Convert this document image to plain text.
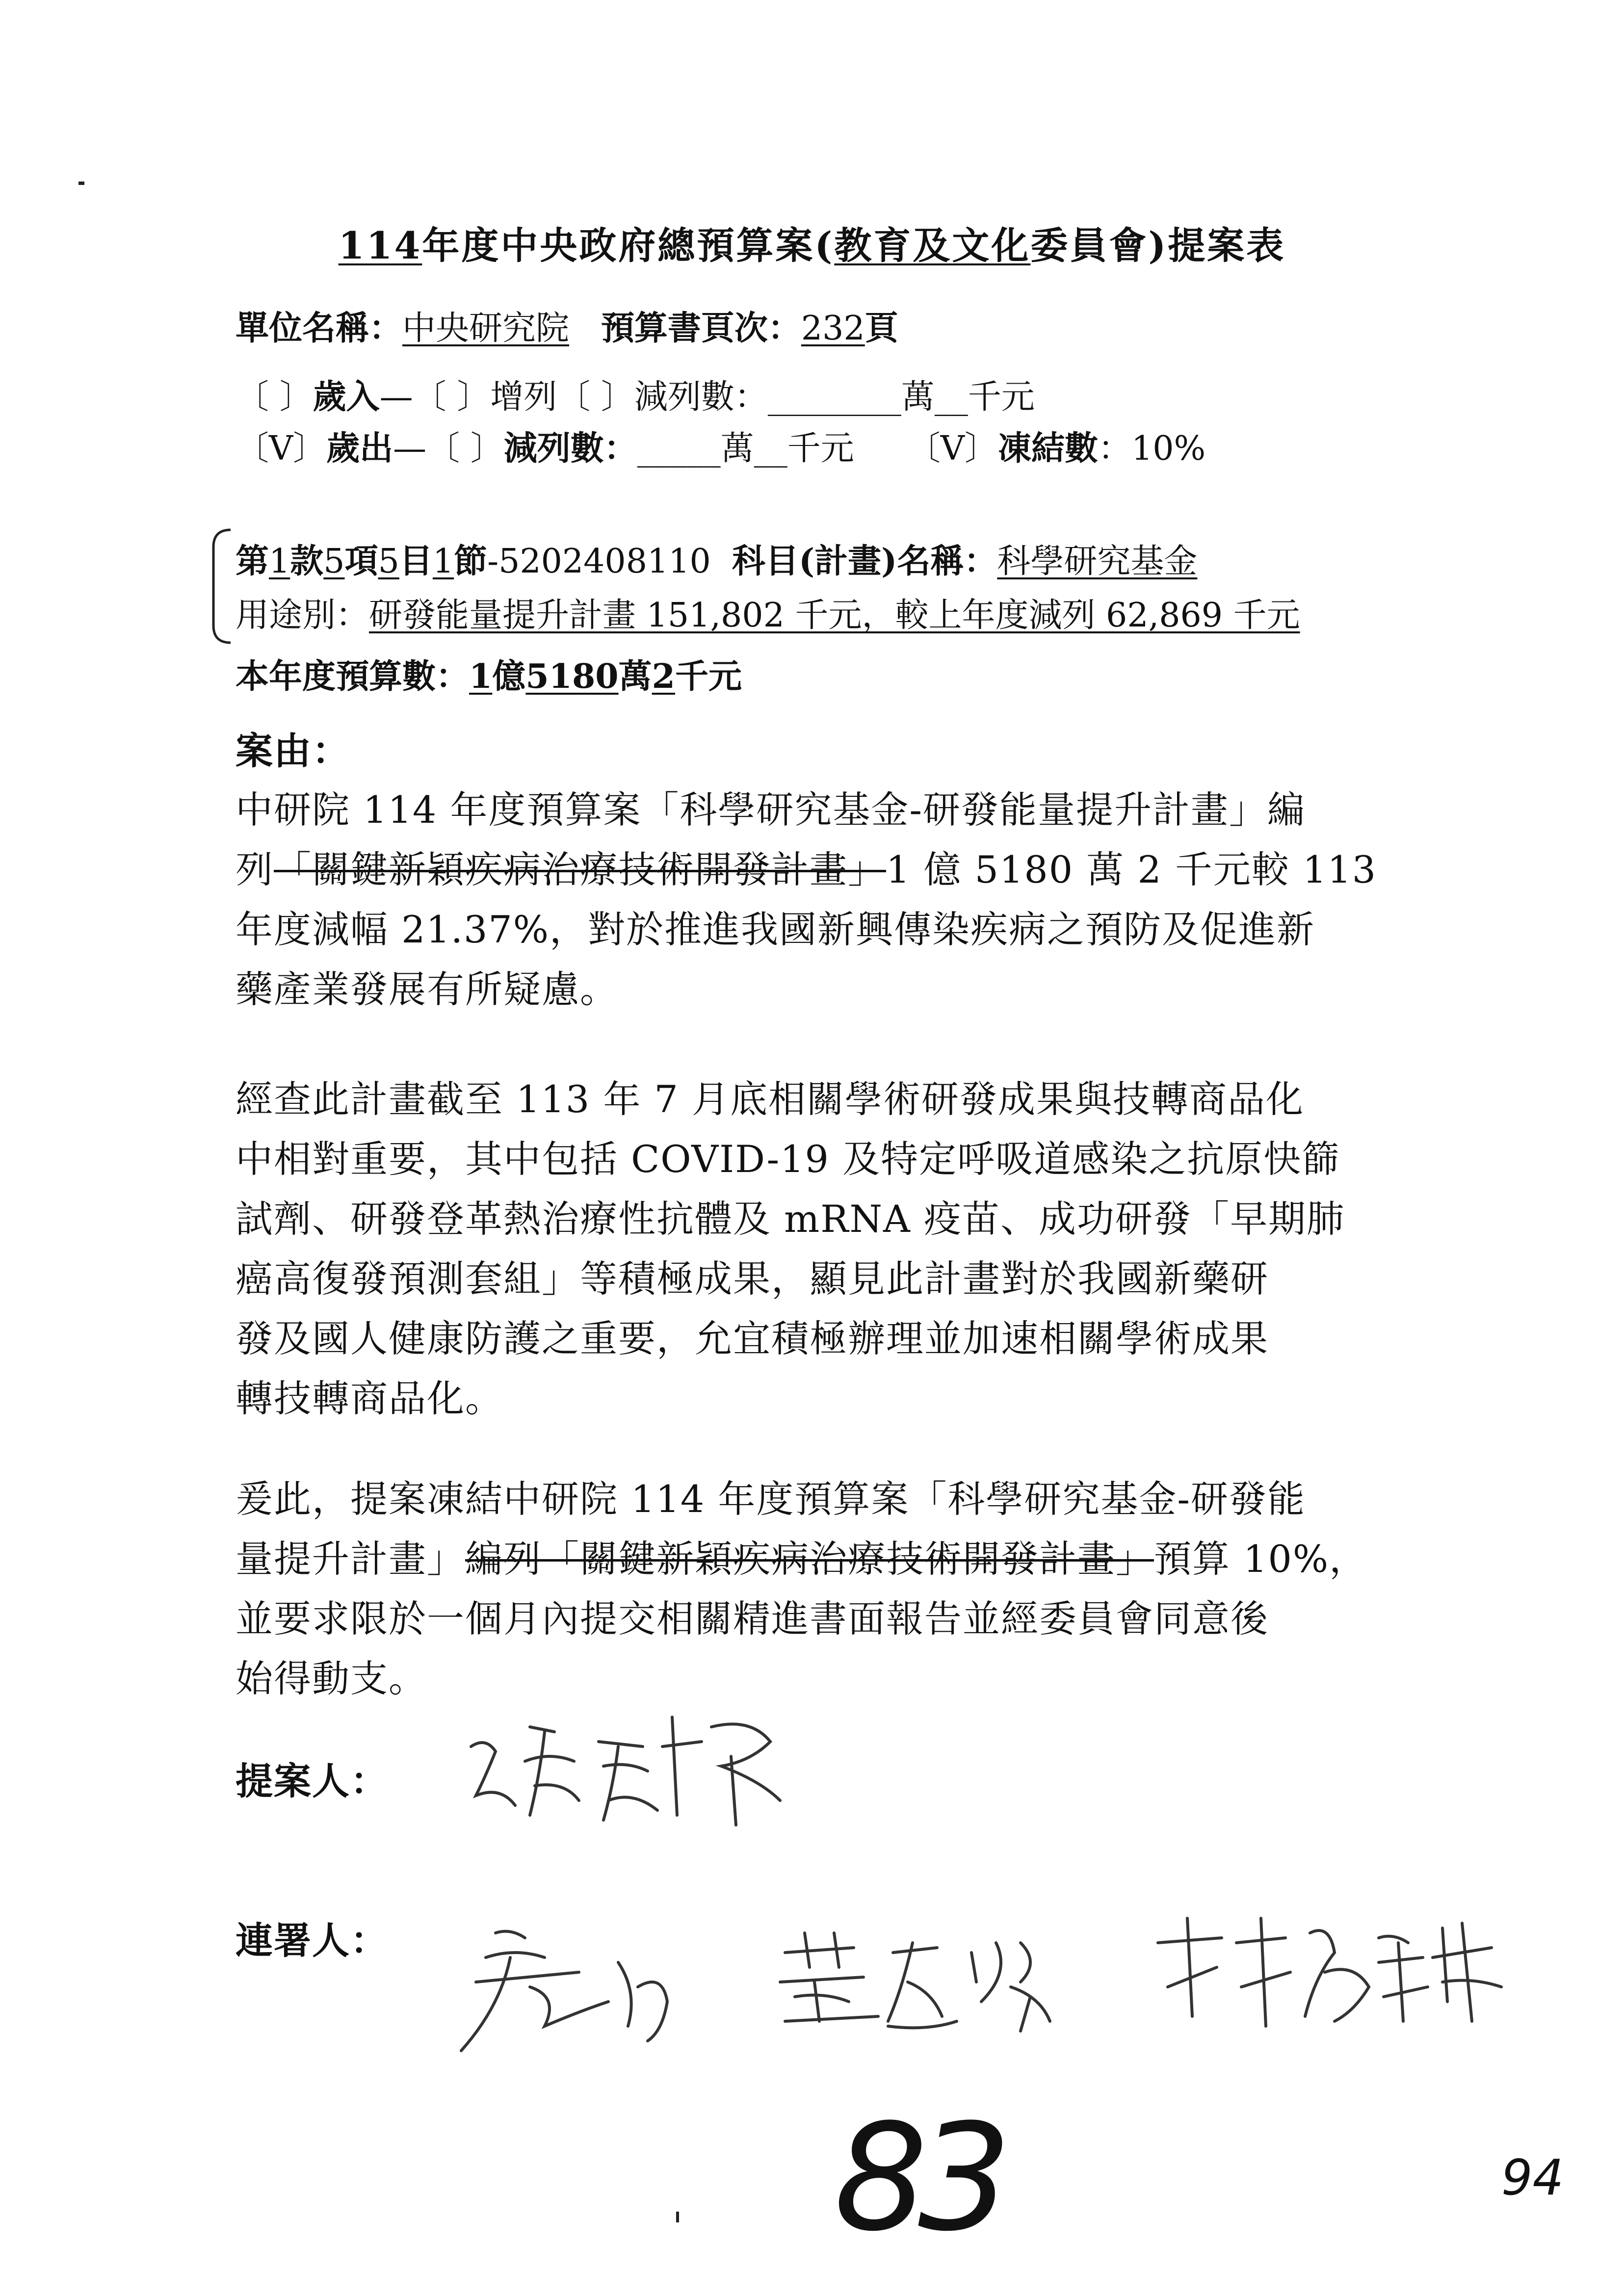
114年度中央政府總預算案(教育及文化委員會)提案表
單位名稱：中央研究院 預算書頁次：232頁
〔 〕歲入—〔 〕增列〔 〕減列數：________萬__千元
〔V〕歲出—〔 〕減列數：_____萬__千元 〔V〕凍結數：10%
第1款5項5目1節-5202408110 科目(計畫)名稱：科學研究基金
用途別：研發能量提升計畫 151,802 千元，較上年度減列 62,869 千元
本年度預算數：1億5180萬2千元
案由：
中研院 114 年度預算案「科學研究基金-研發能量提升計畫」編
列「關鍵新穎疾病治療技術開發計畫」1 億 5180 萬 2 千元較 113
年度減幅 21.37%，對於推進我國新興傳染疾病之預防及促進新
藥產業發展有所疑慮。
經查此計畫截至 113 年 7 月底相關學術研發成果與技轉商品化
中相對重要，其中包括 COVID-19 及特定呼吸道感染之抗原快篩
試劑、研發登革熱治療性抗體及 mRNA 疫苗、成功研發「早期肺
癌高復發預測套組」等積極成果，顯見此計畫對於我國新藥研
發及國人健康防護之重要，允宜積極辦理並加速相關學術成果
轉技轉商品化。
爰此，提案凍結中研院 114 年度預算案「科學研究基金-研發能
量提升計畫」編列「關鍵新穎疾病治療技術開發計畫」預算 10%，
並要求限於一個月內提交相關精進書面報告並經委員會同意後
始得動支。
提案人：
連署人：
83	94
